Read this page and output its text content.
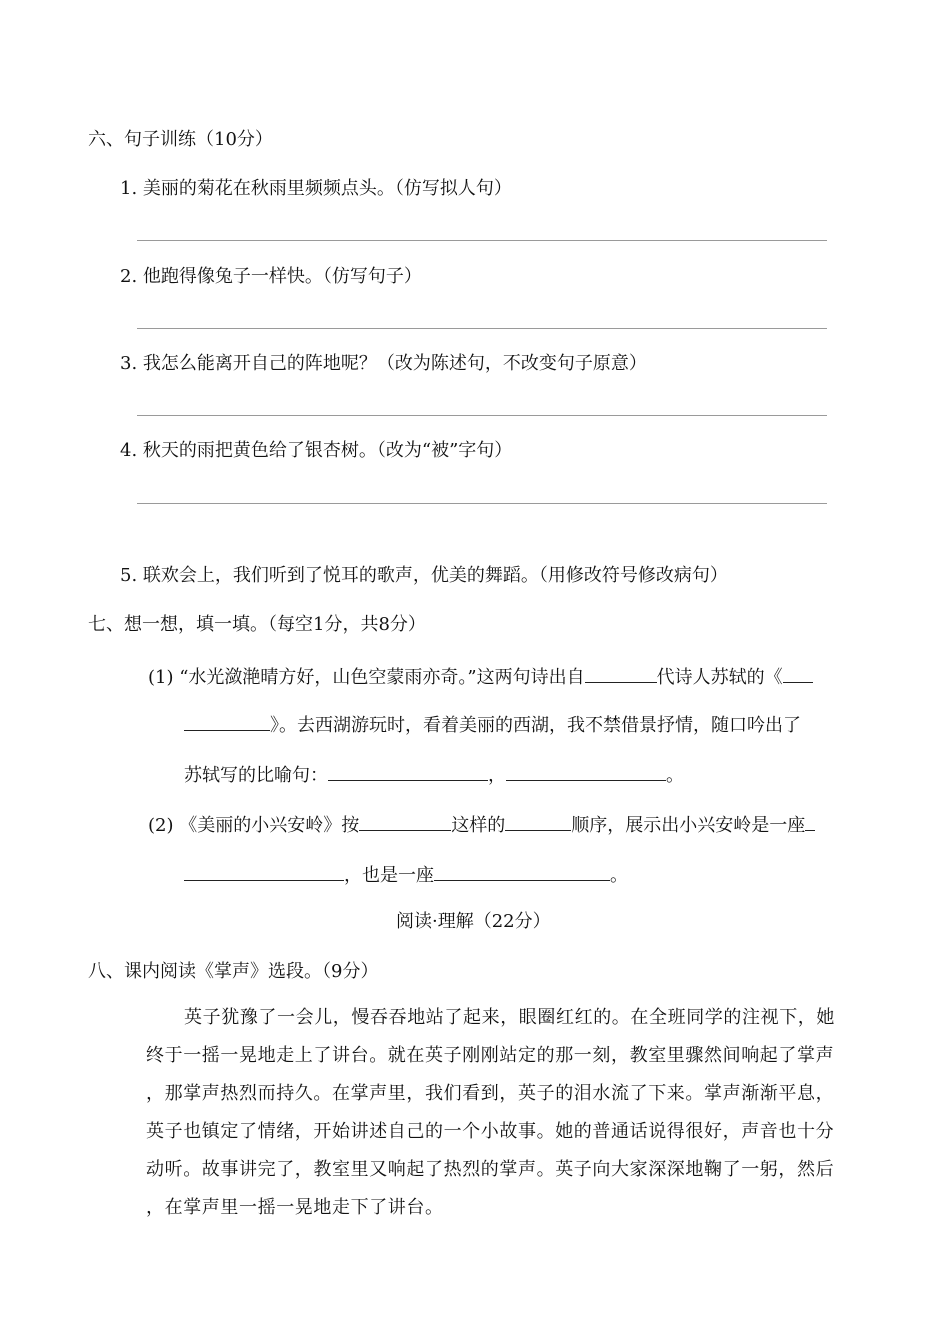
六、句子训练（10分）
1. 美丽的菊花在秋雨里频频点头。（仿写拟人句）
2. 他跑得像兔子一样快。（仿写句子）
3. 我怎么能离开自己的阵地呢？（改为陈述句，不改变句子原意）
4. 秋天的雨把黄色给了银杏树。（改为“被”字句）
5. 联欢会上，我们听到了悦耳的歌声，优美的舞蹈。（用修改符号修改病句）
七、想一想，填一填。（每空1分，共8分）
(1) “水光潋滟晴方好，山色空蒙雨亦奇。”这两句诗出自	代诗人苏轼的《
》。去西湖游玩时，看着美丽的西湖，我不禁借景抒情，随口吟出了
苏轼写的比喻句：	，	。
(2) 《美丽的小兴安岭》按	这样的	顺序，展示出小兴安岭是一座
，也是一座	。
阅读·理解（22分）
八、课内阅读《掌声》选段。（9分）
英子犹豫了一会儿，慢吞吞地站了起来，眼圈红红的。在全班同学的注视下，她
终于一摇一晃地走上了讲台。就在英子刚刚站定的那一刻，教室里骤然间响起了掌声
，那掌声热烈而持久。在掌声里，我们看到，英子的泪水流了下来。掌声渐渐平息，
英子也镇定了情绪，开始讲述自己的一个小故事。她的普通话说得很好，声音也十分
动听。故事讲完了，教室里又响起了热烈的掌声。英子向大家深深地鞠了一躬，然后
，在掌声里一摇一晃地走下了讲台。
